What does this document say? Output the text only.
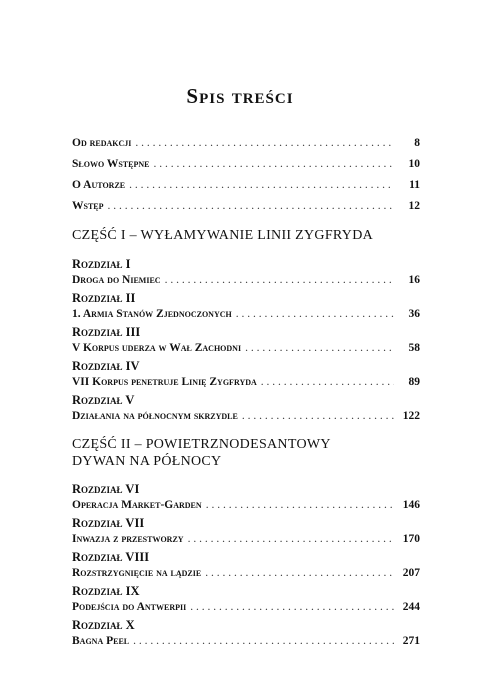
Spis treści
Od redakcji . . .	8
Słowo Wstępne . . .	10
O Autorze . . .	11
Wstęp . . .	12
CZĘŚĆ I – WYŁAMYWANIE LINII ZYGFRYDA
Rozdział I
Droga do Niemiec . . .	16
Rozdział II
1. Armia Stanów Zjednoczonych . . .	36
Rozdział III
V Korpus uderza w Wał Zachodni . . .	58
Rozdział IV
VII Korpus penetruje Linię Zygfryda . . .	89
Rozdział V
Działania na północnym skrzydle . . .	122
CZĘŚĆ II – POWIETRZNODESANTOWY
DYWAN NA PÓŁNOCY
Rozdział VI
Operacja Market-Garden . . .	146
Rozdział VII
Inwazja z przestworzy . . .	170
Rozdział VIII
Rozstrzygnięcie na lądzie . . .	207
Rozdział IX
Podejścia do Antwerpii . . .	244
Rozdział X
Bagna Peel . . .	271
